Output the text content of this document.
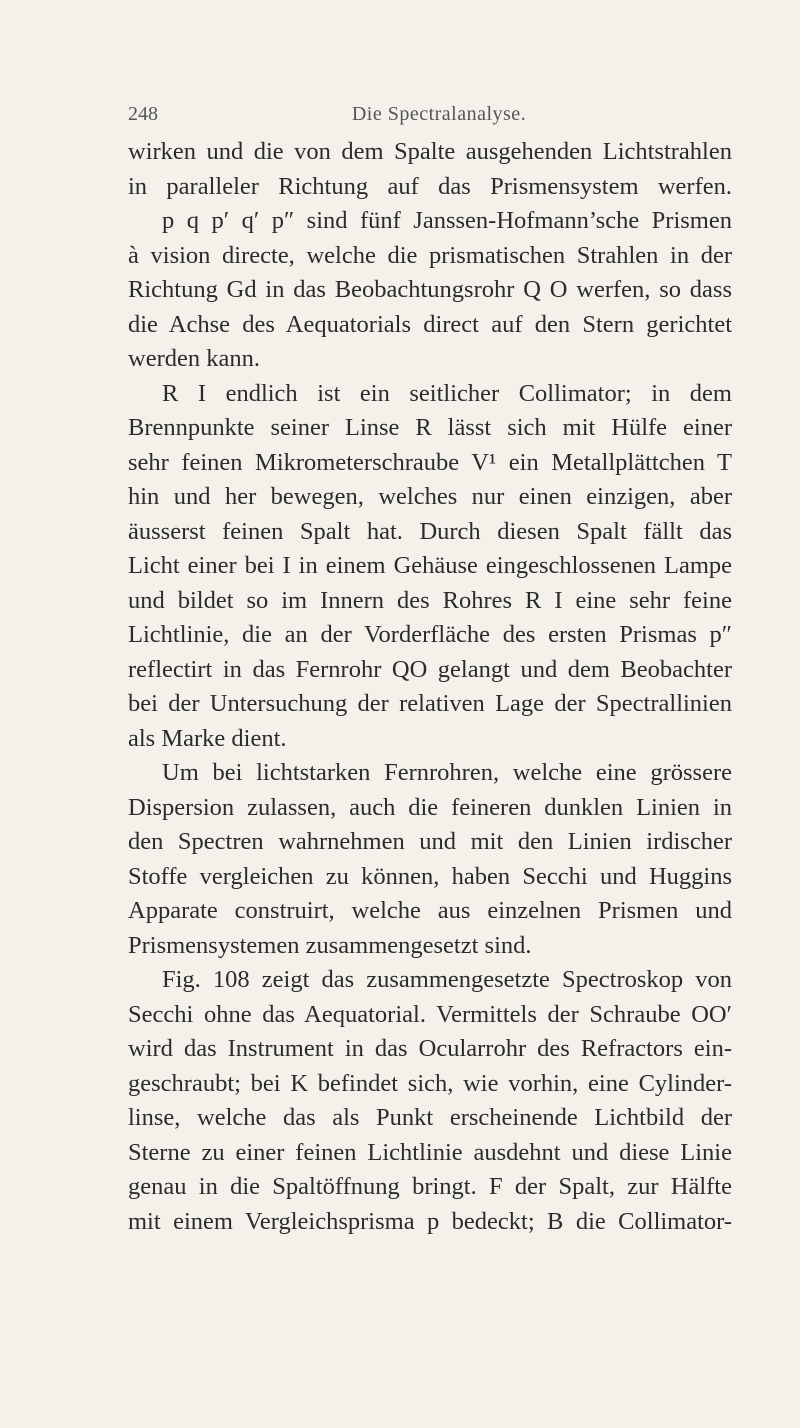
248	Die Spectralanalyse.
wirken und die von dem Spalte ausgehenden Lichtstrahlen
in paralleler Richtung auf das Prismensystem werfen.
p q p′ q′ p″ sind fünf Janssen-Hofmann’sche Prismen
à vision directe, welche die prismatischen Strahlen in der
Richtung Gd in das Beobachtungsrohr Q O werfen, so dass
die Achse des Aequatorials direct auf den Stern gerichtet
werden kann.
R I endlich ist ein seitlicher Collimator; in dem
Brennpunkte seiner Linse R lässt sich mit Hülfe einer
sehr feinen Mikrometerschraube V¹ ein Metallplättchen T
hin und her bewegen, welches nur einen einzigen, aber
äusserst feinen Spalt hat. Durch diesen Spalt fällt das
Licht einer bei I in einem Gehäuse eingeschlossenen Lampe
und bildet so im Innern des Rohres R I eine sehr feine
Lichtlinie, die an der Vorderfläche des ersten Prismas p″
reflectirt in das Fernrohr QO gelangt und dem Beobachter
bei der Untersuchung der relativen Lage der Spectrallinien
als Marke dient.
Um bei lichtstarken Fernrohren, welche eine grössere
Dispersion zulassen, auch die feineren dunklen Linien in
den Spectren wahrnehmen und mit den Linien irdischer
Stoffe vergleichen zu können, haben Secchi und Huggins
Apparate construirt, welche aus einzelnen Prismen und
Prismensystemen zusammengesetzt sind.
Fig. 108 zeigt das zusammengesetzte Spectroskop von
Secchi ohne das Aequatorial. Vermittels der Schraube OO′
wird das Instrument in das Ocularrohr des Refractors ein-
geschraubt; bei K befindet sich, wie vorhin, eine Cylinder-
linse, welche das als Punkt erscheinende Lichtbild der
Sterne zu einer feinen Lichtlinie ausdehnt und diese Linie
genau in die Spaltöffnung bringt. F der Spalt, zur Hälfte
mit einem Vergleichsprisma p bedeckt; B die Collimator-
